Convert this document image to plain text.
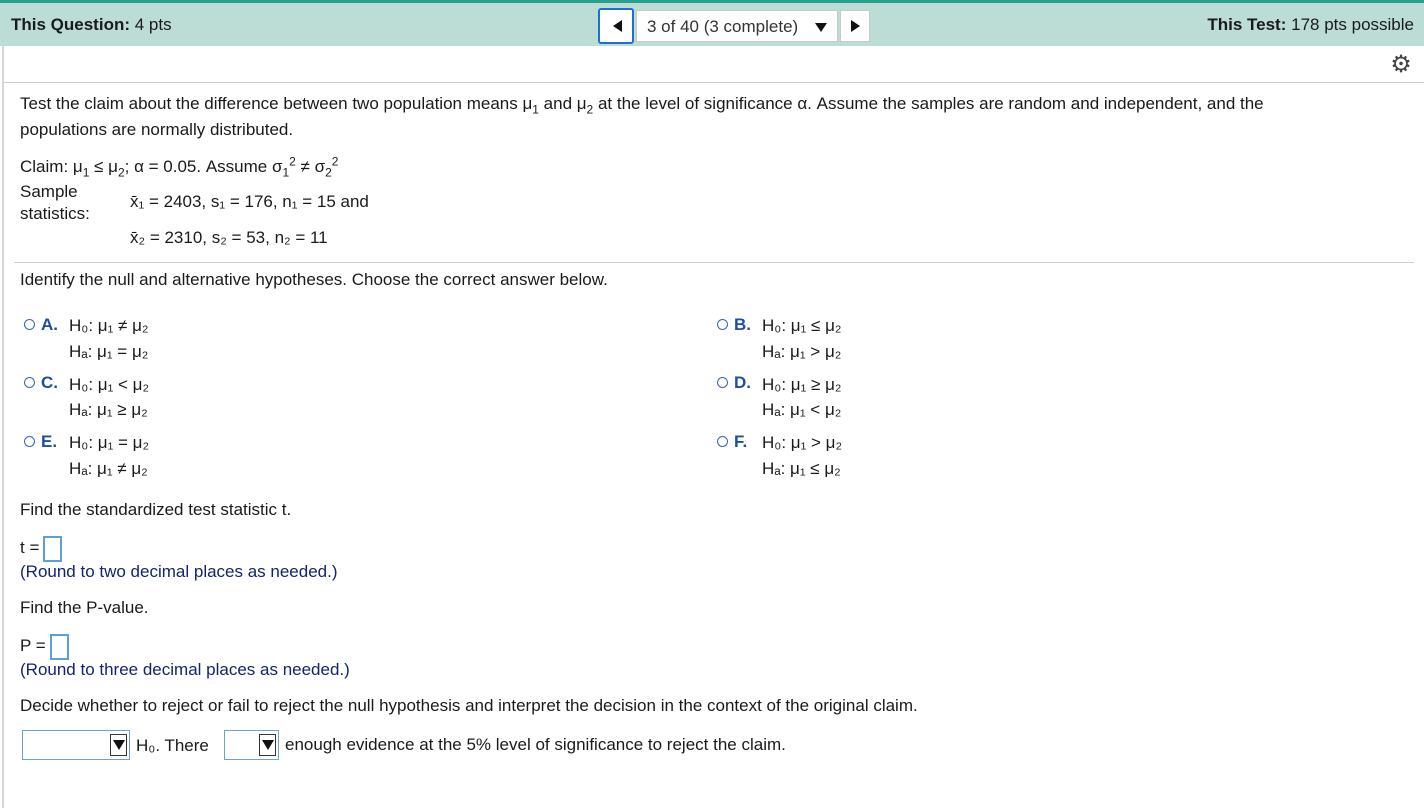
This Question: 4 pts	3 of 40 (3 complete)	This Test: 178 pts possible
⚙
Test the claim about the difference between two population means $\mu_1$ and $\mu_2$ at the level of significance α. Assume the samples are random and independent, and the
populations are normally distributed.
Claim: $\mu_1 \le \mu_2$; α = 0.05. Assume $\sigma_1^2 \ne \sigma_2^2$
Sample
statistics:
x̄₁ = 2403, s₁ = 176, n₁ = 15 and
x̄₂ = 2310, s₂ = 53, n₂ = 11
Identify the null and alternative hypotheses. Choose the correct answer below.
A. H₀: μ₁ ≠ μ₂
Hₐ: μ₁ = μ₂
B. H₀: μ₁ ≤ μ₂
Hₐ: μ₁ > μ₂
C. H₀: μ₁ < μ₂
Hₐ: μ₁ ≥ μ₂
D. H₀: μ₁ ≥ μ₂
Hₐ: μ₁ < μ₂
E. H₀: μ₁ = μ₂
Hₐ: μ₁ ≠ μ₂
F. H₀: μ₁ > μ₂
Hₐ: μ₁ ≤ μ₂
Find the standardized test statistic t.
t =
(Round to two decimal places as needed.)
Find the P-value.
P =
(Round to three decimal places as needed.)
Decide whether to reject or fail to reject the null hypothesis and interpret the decision in the context of the original claim.
H₀. There	enough evidence at the 5% level of significance to reject the claim.
